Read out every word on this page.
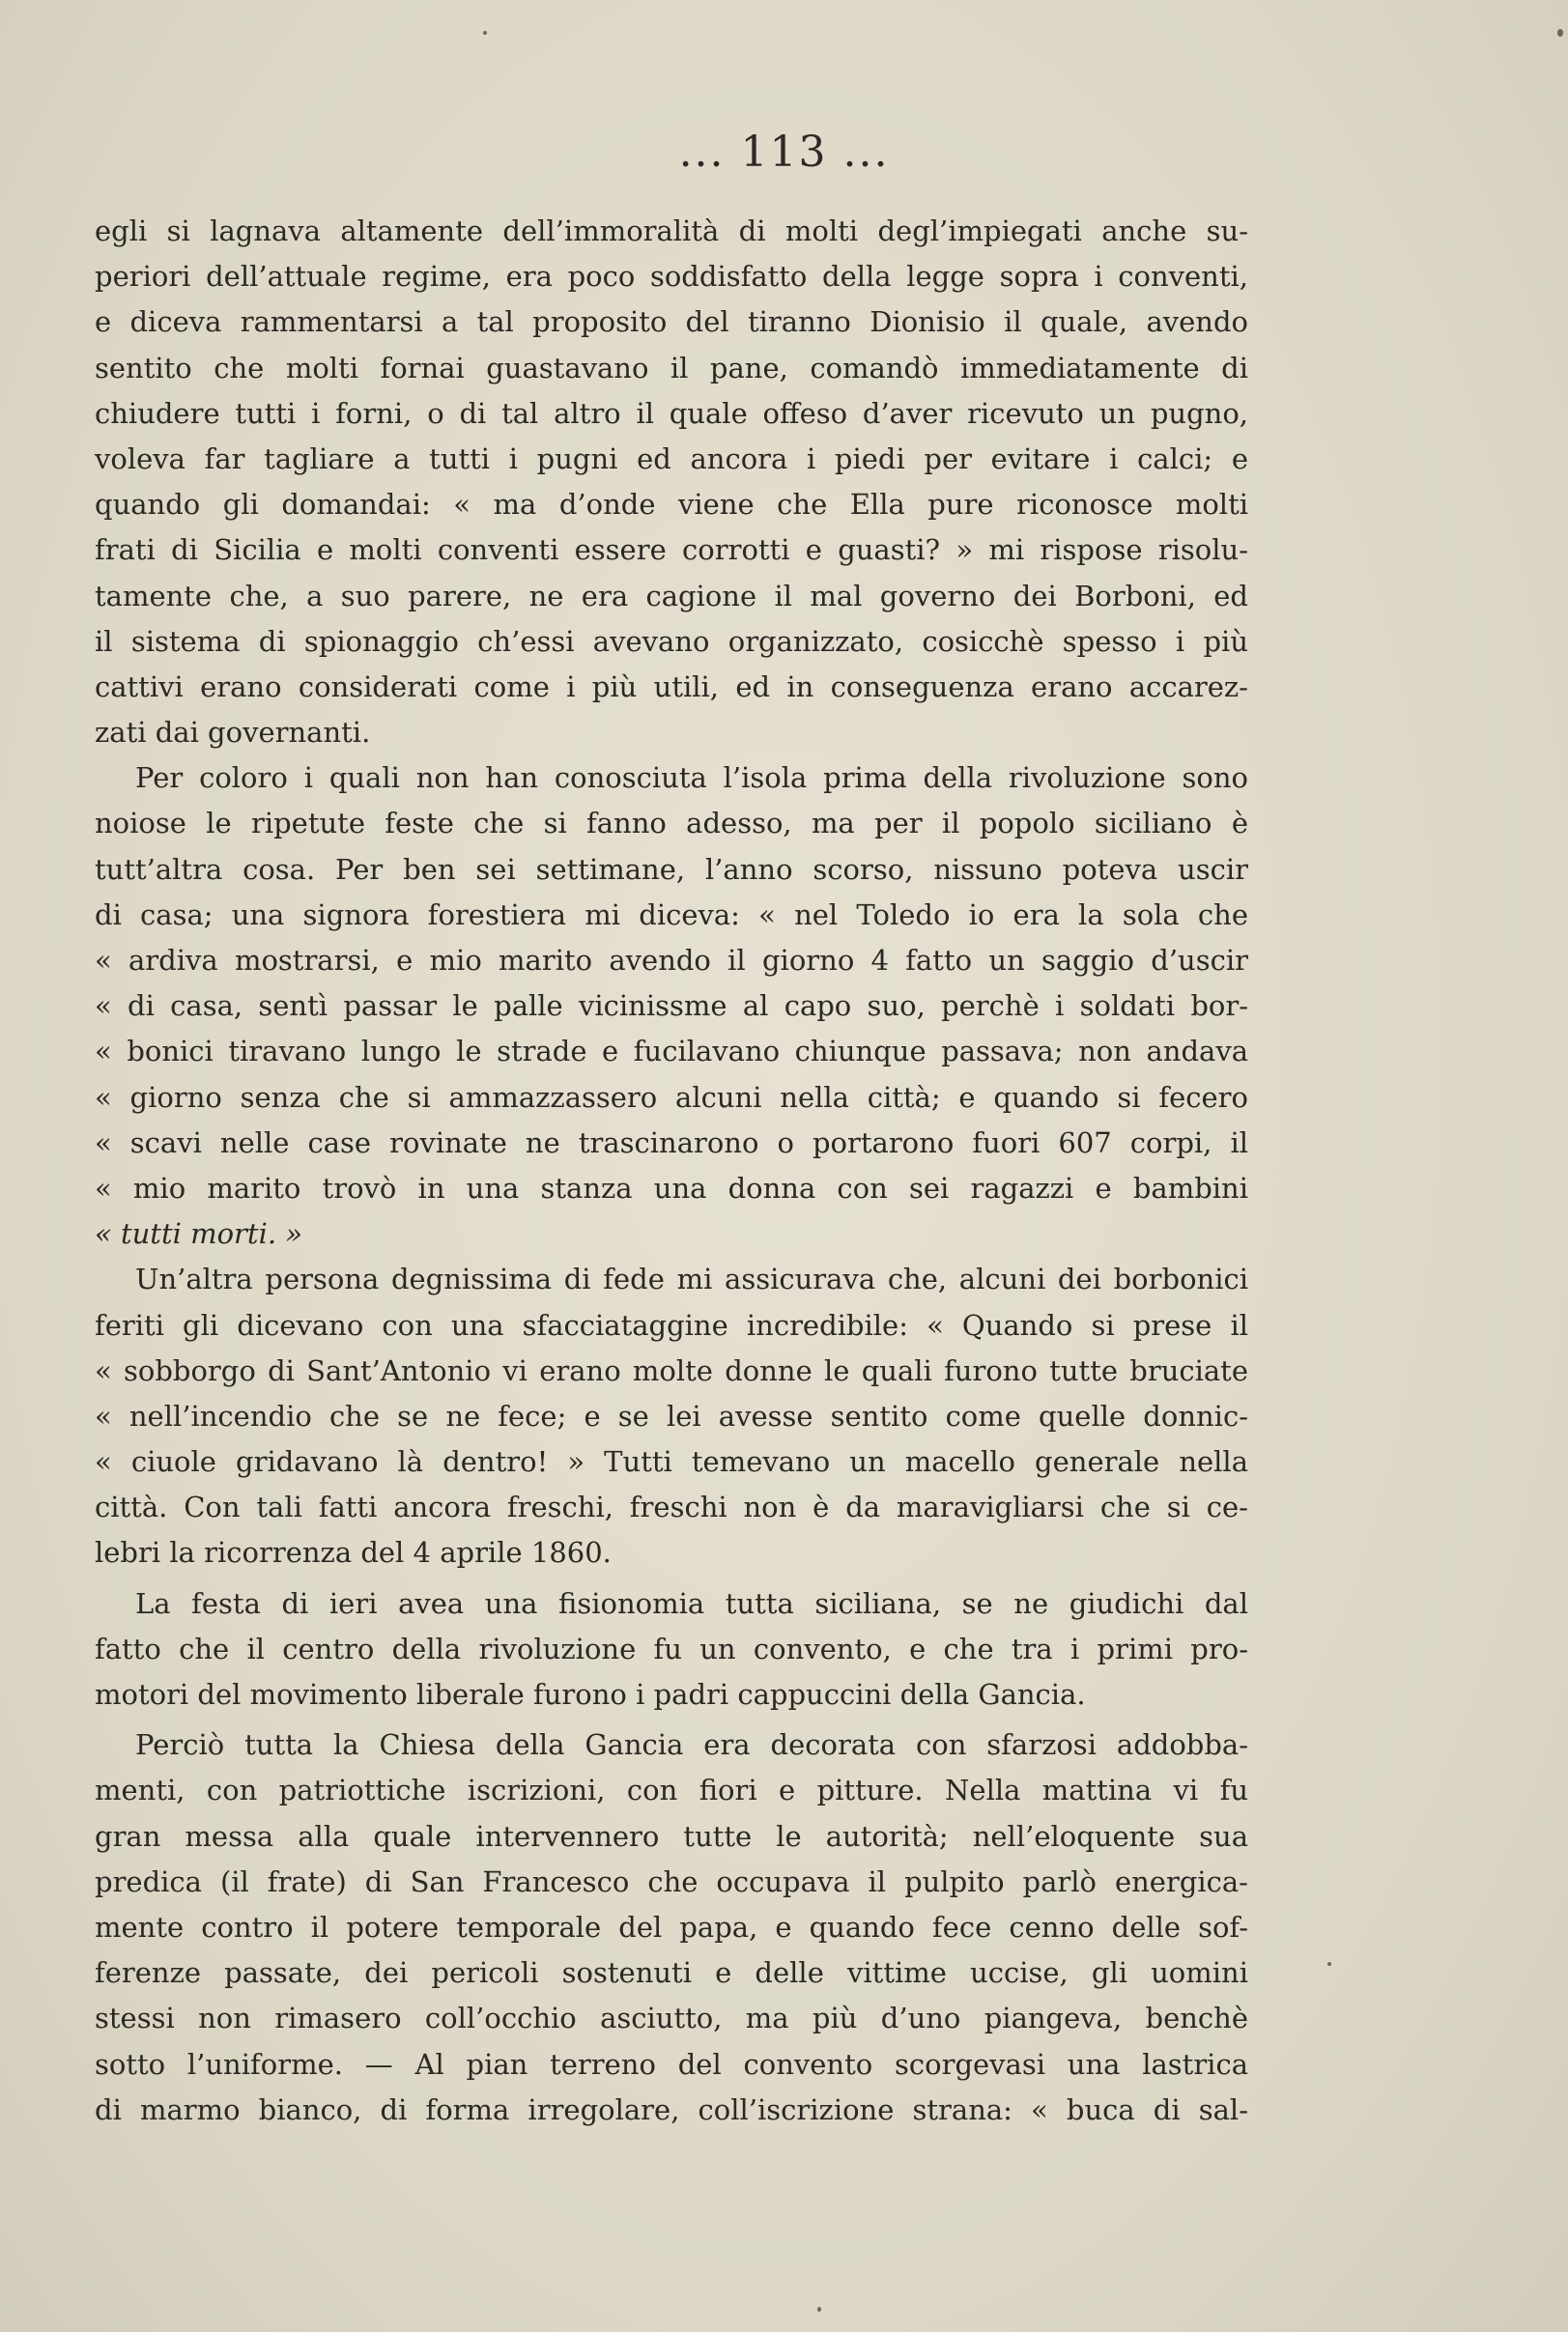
... 113 ...
egli si lagnava altamente dell’immoralità di molti degl’impiegati anche su-
periori dell’attuale regime, era poco soddisfatto della legge sopra i conventi,
e diceva rammentarsi a tal proposito del tiranno Dionisio il quale, avendo
sentito che molti fornai guastavano il pane, comandò immediatamente di
chiudere tutti i forni, o di tal altro il quale offeso d’aver ricevuto un pugno,
voleva far tagliare a tutti i pugni ed ancora i piedi per evitare i calci; e
quando gli domandai: « ma d’onde viene che Ella pure riconosce molti
frati di Sicilia e molti conventi essere corrotti e guasti? » mi rispose risolu-
tamente che, a suo parere, ne era cagione il mal governo dei Borboni, ed
il sistema di spionaggio ch’essi avevano organizzato, cosicchè spesso i più
cattivi erano considerati come i più utili, ed in conseguenza erano accarez-
zati dai governanti.
Per coloro i quali non han conosciuta l’isola prima della rivoluzione sono
noiose le ripetute feste che si fanno adesso, ma per il popolo siciliano è
tutt’altra cosa. Per ben sei settimane, l’anno scorso, nissuno poteva uscir
di casa; una signora forestiera mi diceva: « nel Toledo io era la sola che
« ardiva mostrarsi, e mio marito avendo il giorno 4 fatto un saggio d’uscir
« di casa, sentì passar le palle vicinissme al capo suo, perchè i soldati bor-
« bonici tiravano lungo le strade e fucilavano chiunque passava; non andava
« giorno senza che si ammazzassero alcuni nella città; e quando si fecero
« scavi nelle case rovinate ne trascinarono o portarono fuori 607 corpi, il
« mio marito trovò in una stanza una donna con sei ragazzi e bambini
« tutti morti. »
Un’altra persona degnissima di fede mi assicurava che, alcuni dei borbonici
feriti gli dicevano con una sfacciataggine incredibile: « Quando si prese il
« sobborgo di Sant’Antonio vi erano molte donne le quali furono tutte bruciate
« nell’incendio che se ne fece; e se lei avesse sentito come quelle donnic-
« ciuole gridavano là dentro! » Tutti temevano un macello generale nella
città. Con tali fatti ancora freschi, freschi non è da maravigliarsi che si ce-
lebri la ricorrenza del 4 aprile 1860.
La festa di ieri avea una fisionomia tutta siciliana, se ne giudichi dal
fatto che il centro della rivoluzione fu un convento, e che tra i primi pro-
motori del movimento liberale furono i padri cappuccini della Gancia.
Perciò tutta la Chiesa della Gancia era decorata con sfarzosi addobba-
menti, con patriottiche iscrizioni, con fiori e pitture. Nella mattina vi fu
gran messa alla quale intervennero tutte le autorità; nell’eloquente sua
predica (il frate) di San Francesco che occupava il pulpito parlò energica-
mente contro il potere temporale del papa, e quando fece cenno delle sof-
ferenze passate, dei pericoli sostenuti e delle vittime uccise, gli uomini
stessi non rimasero coll’occhio asciutto, ma più d’uno piangeva, benchè
sotto l’uniforme. — Al pian terreno del convento scorgevasi una lastrica
di marmo bianco, di forma irregolare, coll’iscrizione strana: « buca di sal-
